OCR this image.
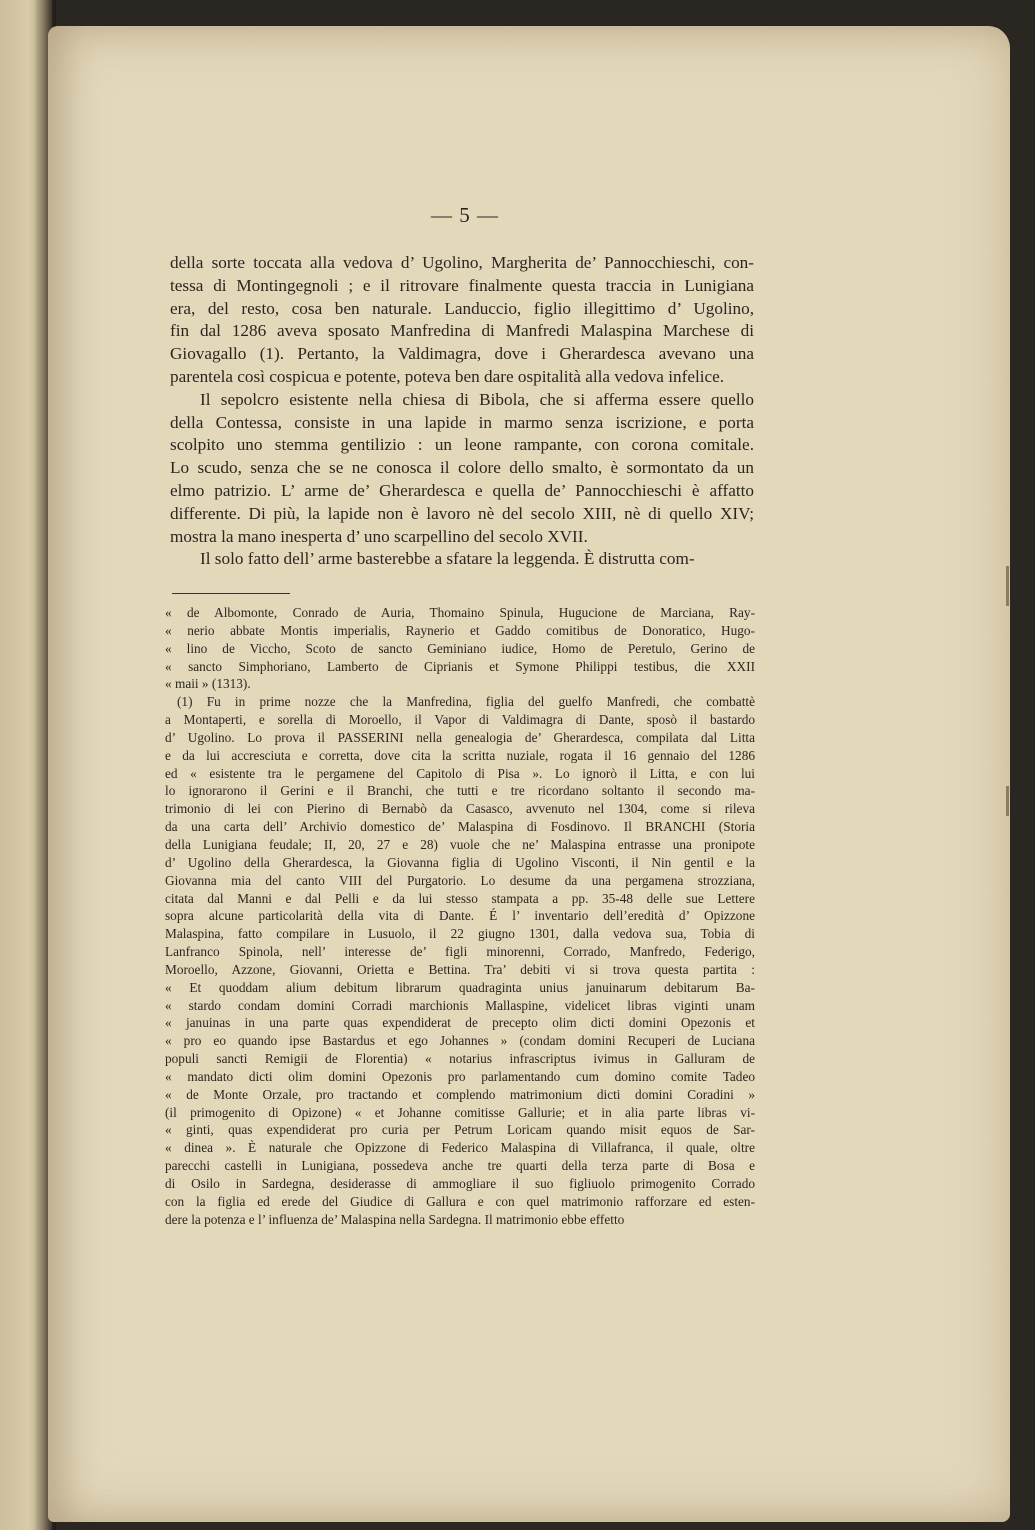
— 5 —

della sorte toccata alla vedova d’ Ugolino, Margherita de’ Pannocchieschi, con-

tessa di Montingegnoli ; e il ritrovare finalmente questa traccia in Lunigiana

era, del resto, cosa ben naturale. Landuccio, figlio illegittimo d’ Ugolino,

fin dal 1286 aveva sposato Manfredina di Manfredi Malaspina Marchese di

Giovagallo (1). Pertanto, la Valdimagra, dove i Gherardesca avevano una

parentela così cospicua e potente, poteva ben dare ospitalità alla vedova infelice.

Il sepolcro esistente nella chiesa di Bibola, che si afferma essere quello

della Contessa, consiste in una lapide in marmo senza iscrizione, e porta

scolpito uno stemma gentilizio : un leone rampante, con corona comitale.

Lo scudo, senza che se ne conosca il colore dello smalto, è sormontato da un

elmo patrizio. L’ arme de’ Gherardesca e quella de’ Pannocchieschi è affatto

differente. Di più, la lapide non è lavoro nè del secolo XIII, nè di quello XIV;

mostra la mano inesperta d’ uno scarpellino del secolo XVII.

Il solo fatto dell’ arme basterebbe a sfatare la leggenda. È distrutta com-

« de Albomonte, Conrado de Auria, Thomaino Spinula, Hugucione de Marciana, Ray-

« nerio abbate Montis imperialis, Raynerio et Gaddo comitibus de Donoratico, Hugo-

« lino de Viccho, Scoto de sancto Geminiano iudice, Homo de Peretulo, Gerino de

« sancto Simphoriano, Lamberto de Ciprianis et Symone Philippi testibus, die XXII

« maii » (1313).

(1) Fu in prime nozze che la Manfredina, figlia del guelfo Manfredi, che combattè

a Montaperti, e sorella di Moroello, il Vapor di Valdimagra di Dante, sposò il bastardo

d’ Ugolino. Lo prova il PASSERINI nella genealogia de’ Gherardesca, compilata dal Litta

e da lui accresciuta e corretta, dove cita la scritta nuziale, rogata il 16 gennaio del 1286

ed « esistente tra le pergamene del Capitolo di Pisa ». Lo ignorò il Litta, e con lui

lo ignorarono il Gerini e il Branchi, che tutti e tre ricordano soltanto il secondo ma-

trimonio di lei con Pierino di Bernabò da Casasco, avvenuto nel 1304, come si rileva

da una carta dell’ Archivio domestico de’ Malaspina di Fosdinovo. Il BRANCHI (Storia

della Lunigiana feudale; II, 20, 27 e 28) vuole che ne’ Malaspina entrasse una pronipote

d’ Ugolino della Gherardesca, la Giovanna figlia di Ugolino Visconti, il Nin gentil e la

Giovanna mia del canto VIII del Purgatorio. Lo desume da una pergamena strozziana,

citata dal Manni e dal Pelli e da lui stesso stampata a pp. 35-48 delle sue Lettere

sopra alcune particolarità della vita di Dante. É l’ inventario dell’eredità d’ Opizzone

Malaspina, fatto compilare in Lusuolo, il 22 giugno 1301, dalla vedova sua, Tobia di

Lanfranco Spinola, nell’ interesse de’ figli minorenni, Corrado, Manfredo, Federigo,

Moroello, Azzone, Giovanni, Orietta e Bettina. Tra’ debiti vi si trova questa partita :

« Et quoddam alium debitum librarum quadraginta unius januinarum debitarum Ba-

« stardo condam domini Corradi marchionis Mallaspine, videlicet libras viginti unam

« januinas in una parte quas expendiderat de precepto olim dicti domini Opezonis et

« pro eo quando ipse Bastardus et ego Johannes » (condam domini Recuperi de Luciana

populi sancti Remigii de Florentia) « notarius infrascriptus ivimus in Galluram de

« mandato dicti olim domini Opezonis pro parlamentando cum domino comite Tadeo

« de Monte Orzale, pro tractando et complendo matrimonium dicti domini Coradini »

(il primogenito di Opizone) « et Johanne comitisse Gallurie; et in alia parte libras vi-

« ginti, quas expendiderat pro curia per Petrum Loricam quando misit equos de Sar-

« dinea ». È naturale che Opizzone di Federico Malaspina di Villafranca, il quale, oltre

parecchi castelli in Lunigiana, possedeva anche tre quarti della terza parte di Bosa e

di Osilo in Sardegna, desiderasse di ammogliare il suo figliuolo primogenito Corrado

con la figlia ed erede del Giudice di Gallura e con quel matrimonio rafforzare ed esten-

dere la potenza e l’ influenza de’ Malaspina nella Sardegna. Il matrimonio ebbe effetto
